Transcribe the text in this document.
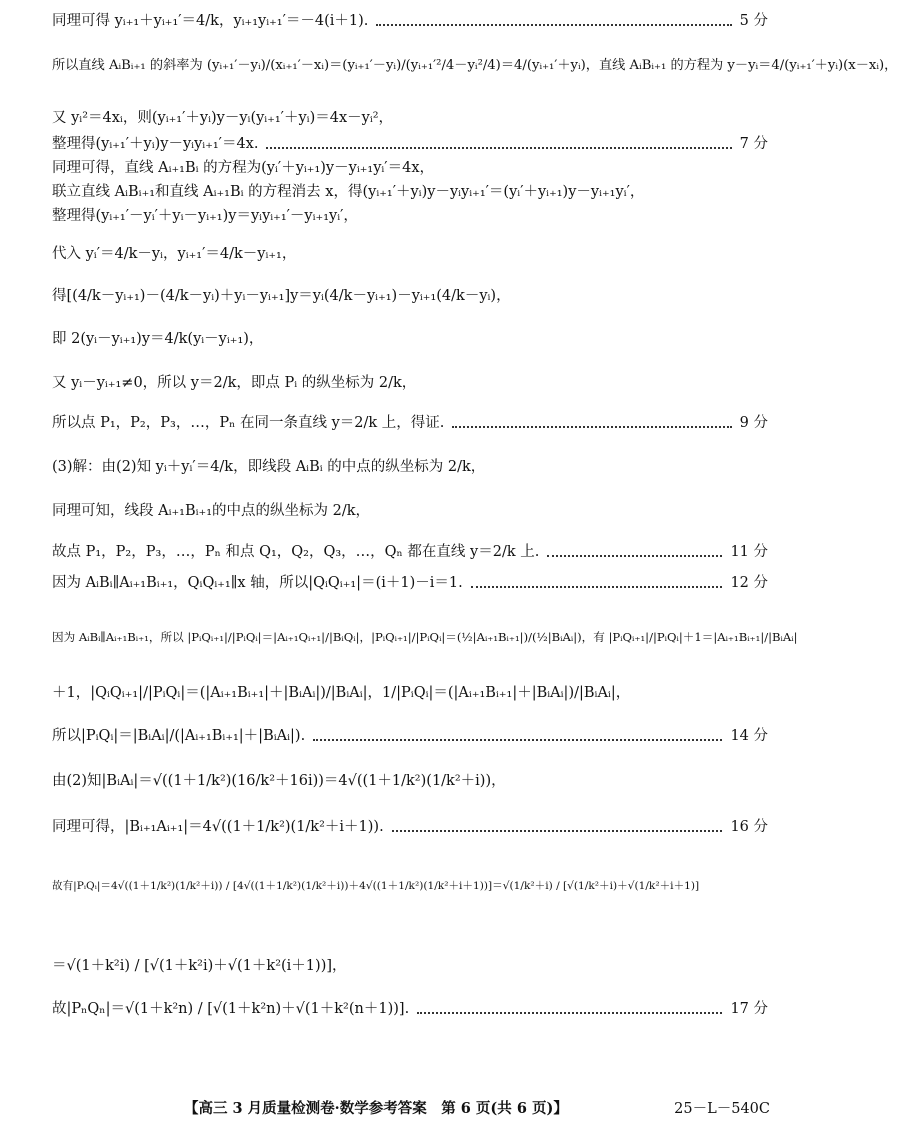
同理可得 yᵢ₊₁＋yᵢ₊₁′＝4/k，yᵢ₊₁yᵢ₊₁′＝－4(i＋1).	5 分
所以直线 AᵢBᵢ₊₁ 的斜率为 (yᵢ₊₁′－yᵢ)/(xᵢ₊₁′－xᵢ)＝(yᵢ₊₁′－yᵢ)/(yᵢ₊₁′²/4－yᵢ²/4)＝4/(yᵢ₊₁′＋yᵢ)，直线 AᵢBᵢ₊₁ 的方程为 y－yᵢ＝4/(yᵢ₊₁′＋yᵢ)(x－xᵢ)，
又 yᵢ²＝4xᵢ，则(yᵢ₊₁′＋yᵢ)y－yᵢ(yᵢ₊₁′＋yᵢ)＝4x－yᵢ²，
整理得(yᵢ₊₁′＋yᵢ)y－yᵢyᵢ₊₁′＝4x.	7 分
同理可得，直线 Aᵢ₊₁Bᵢ 的方程为(yᵢ′＋yᵢ₊₁)y－yᵢ₊₁yᵢ′＝4x，
联立直线 AᵢBᵢ₊₁和直线 Aᵢ₊₁Bᵢ 的方程消去 x，得(yᵢ₊₁′＋yᵢ)y－yᵢyᵢ₊₁′＝(yᵢ′＋yᵢ₊₁)y－yᵢ₊₁yᵢ′，
整理得(yᵢ₊₁′－yᵢ′＋yᵢ－yᵢ₊₁)y＝yᵢyᵢ₊₁′－yᵢ₊₁yᵢ′，
代入 yᵢ′＝4/k－yᵢ，yᵢ₊₁′＝4/k－yᵢ₊₁，
得[(4/k－yᵢ₊₁)－(4/k－yᵢ)＋yᵢ－yᵢ₊₁]y＝yᵢ(4/k－yᵢ₊₁)－yᵢ₊₁(4/k－yᵢ)，
即 2(yᵢ－yᵢ₊₁)y＝4/k(yᵢ－yᵢ₊₁)，
又 yᵢ－yᵢ₊₁≠0，所以 y＝2/k，即点 Pᵢ 的纵坐标为 2/k，
所以点 P₁，P₂，P₃，…，Pₙ 在同一条直线 y＝2/k 上，得证.	9 分
(3)解：由(2)知 yᵢ＋yᵢ′＝4/k，即线段 AᵢBᵢ 的中点的纵坐标为 2/k，
同理可知，线段 Aᵢ₊₁Bᵢ₊₁的中点的纵坐标为 2/k，
故点 P₁，P₂，P₃，…，Pₙ 和点 Q₁，Q₂，Q₃，…，Qₙ 都在直线 y＝2/k 上.	11 分
因为 AᵢBᵢ∥Aᵢ₊₁Bᵢ₊₁，QᵢQᵢ₊₁∥x 轴，所以|QᵢQᵢ₊₁|＝(i＋1)－i＝1.	12 分
因为 AᵢBᵢ∥Aᵢ₊₁Bᵢ₊₁，所以 |PᵢQᵢ₊₁|/|PᵢQᵢ|＝|Aᵢ₊₁Qᵢ₊₁|/|BᵢQᵢ|，|PᵢQᵢ₊₁|/|PᵢQᵢ|＝(½|Aᵢ₊₁Bᵢ₊₁|)/(½|BᵢAᵢ|)，有 |PᵢQᵢ₊₁|/|PᵢQᵢ|＋1＝|Aᵢ₊₁Bᵢ₊₁|/|BᵢAᵢ|
＋1，|QᵢQᵢ₊₁|/|PᵢQᵢ|＝(|Aᵢ₊₁Bᵢ₊₁|＋|BᵢAᵢ|)/|BᵢAᵢ|，1/|PᵢQᵢ|＝(|Aᵢ₊₁Bᵢ₊₁|＋|BᵢAᵢ|)/|BᵢAᵢ|，
所以|PᵢQᵢ|＝|BᵢAᵢ|/(|Aᵢ₊₁Bᵢ₊₁|＋|BᵢAᵢ|).	14 分
由(2)知|BᵢAᵢ|＝√((1＋1/k²)(16/k²＋16i))＝4√((1＋1/k²)(1/k²＋i))，
同理可得，|Bᵢ₊₁Aᵢ₊₁|＝4√((1＋1/k²)(1/k²＋i＋1)).	16 分
故有|PᵢQᵢ|＝4√((1＋1/k²)(1/k²＋i)) / [4√((1＋1/k²)(1/k²＋i))＋4√((1＋1/k²)(1/k²＋i＋1))]＝√(1/k²＋i) / [√(1/k²＋i)＋√(1/k²＋i＋1)]
＝√(1＋k²i) / [√(1＋k²i)＋√(1＋k²(i＋1))]，
故|PₙQₙ|＝√(1＋k²n) / [√(1＋k²n)＋√(1＋k²(n＋1))].	17 分
【高三 3 月质量检测卷·数学参考答案　第 6 页(共 6 页)】	25－L－540C
